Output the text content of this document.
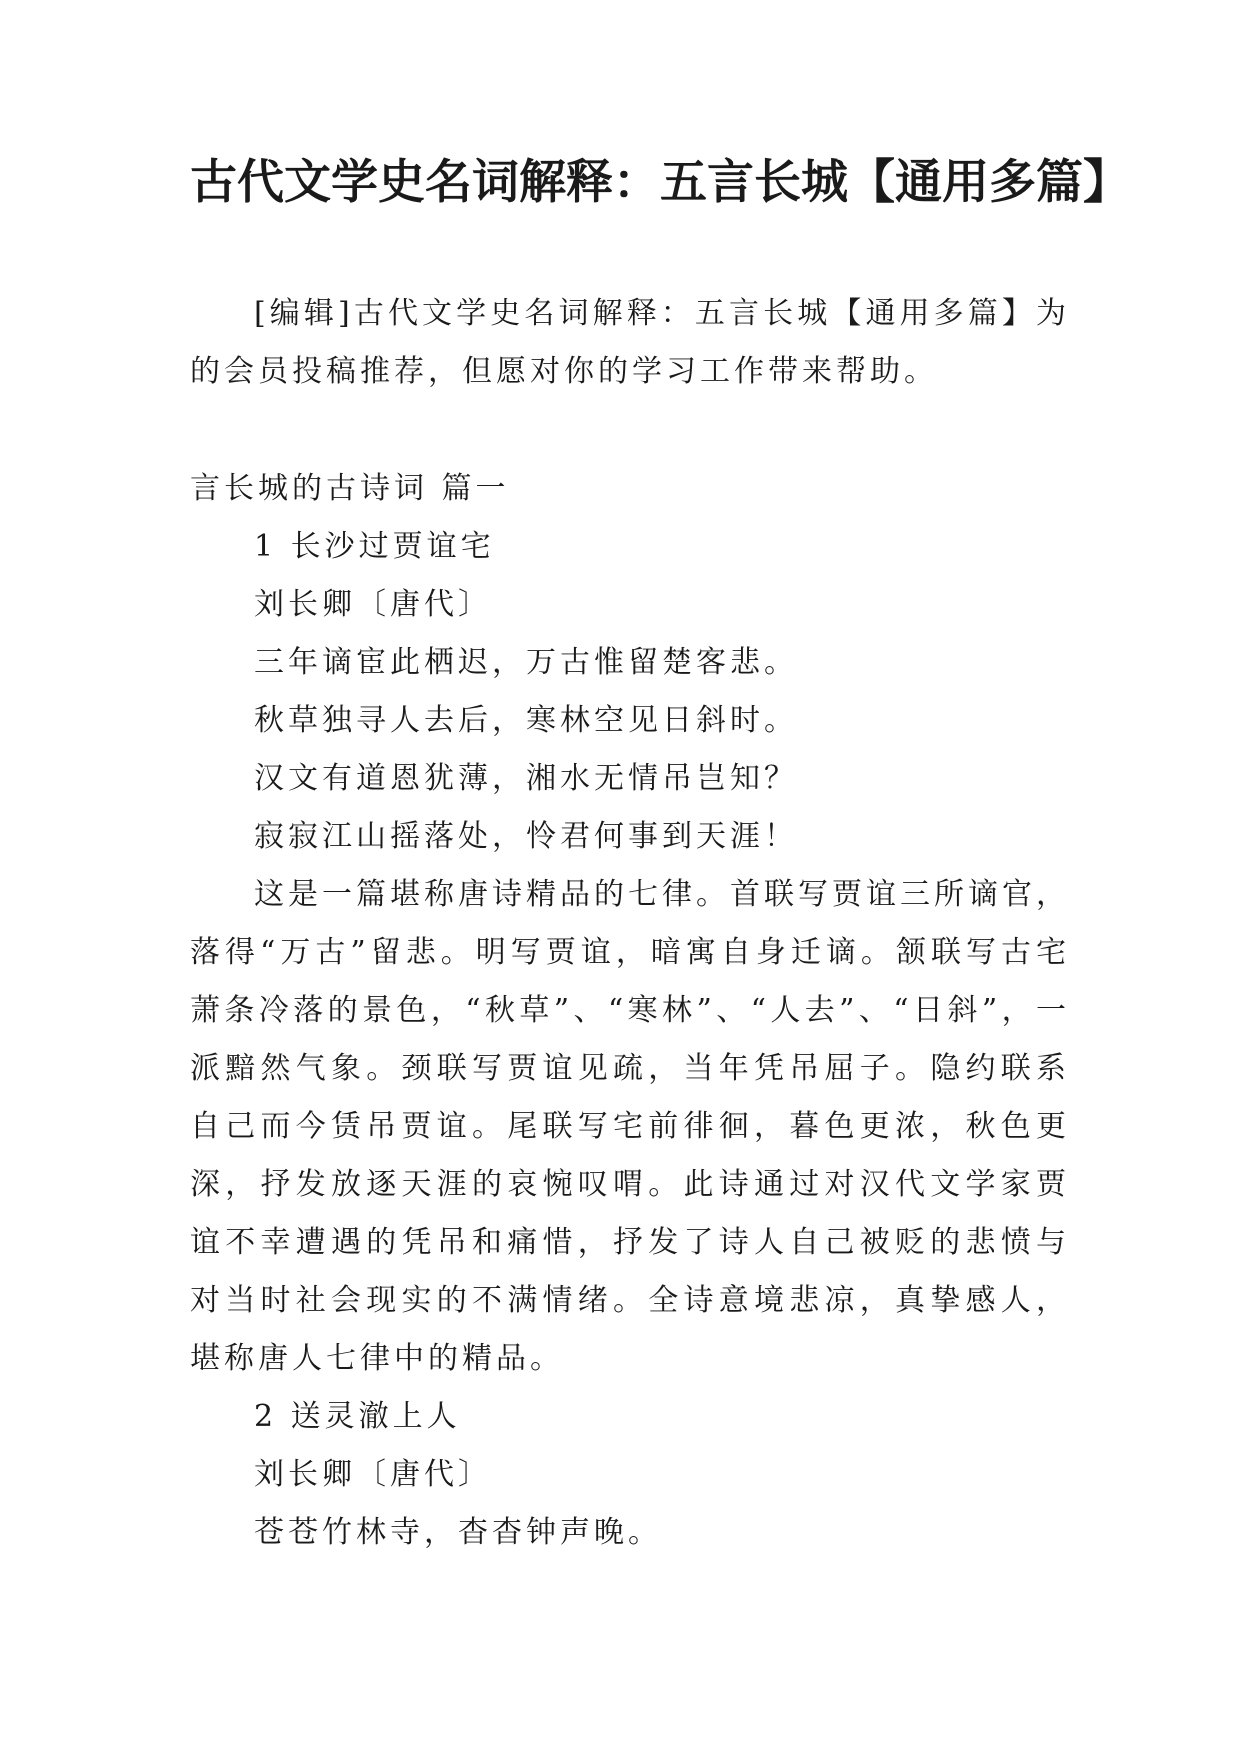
古代文学史名词解释：五言长城【通用多篇】

[编辑]古代文学史名词解释：五言长城【通用多篇】为的会员投稿推荐，但愿对你的学习工作带来帮助。

言长城的古诗词 篇一

1 长沙过贾谊宅

刘长卿〔唐代〕

三年谪宦此栖迟，万古惟留楚客悲。

秋草独寻人去后，寒林空见日斜时。

汉文有道恩犹薄，湘水无情吊岂知？

寂寂江山摇落处，怜君何事到天涯！

这是一篇堪称唐诗精品的七律。首联写贾谊三所谪官，落得“万古”留悲。明写贾谊，暗寓自身迁谪。颔联写古宅萧条冷落的景色，“秋草”、“寒林”、“人去”、“日斜”，一派黯然气象。颈联写贾谊见疏，当年凭吊屈子。隐约联系自己而今赁吊贾谊。尾联写宅前徘徊，暮色更浓，秋色更深，抒发放逐天涯的哀惋叹喟。此诗通过对汉代文学家贾谊不幸遭遇的凭吊和痛惜，抒发了诗人自己被贬的悲愤与对当时社会现实的不满情绪。全诗意境悲凉，真挚感人，堪称唐人七律中的精品。

2 送灵澈上人

刘长卿〔唐代〕

苍苍竹林寺，杳杳钟声晚。
